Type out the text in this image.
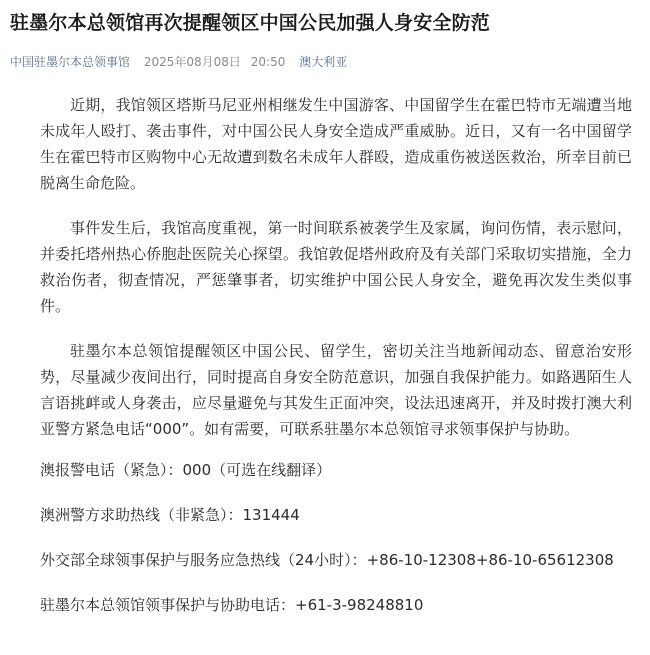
驻墨尔本总领馆再次提醒领区中国公民加强人身安全防范
中国驻墨尔本总领事馆 2025年08月08日 20:50 澳大利亚

近期，我馆领区塔斯马尼亚州相继发生中国游客、中国留学生在霍巴特市无端遭当地未成年人殴打、袭击事件，对中国公民人身安全造成严重威胁。近日，又有一名中国留学生在霍巴特市区购物中心无故遭到数名未成年人群殴，造成重伤被送医救治，所幸目前已脱离生命危险。

事件发生后，我馆高度重视，第一时间联系被袭学生及家属，询问伤情，表示慰问，并委托塔州热心侨胞赴医院关心探望。我馆敦促塔州政府及有关部门采取切实措施，全力救治伤者，彻查情况，严惩肇事者，切实维护中国公民人身安全，避免再次发生类似事件。

驻墨尔本总领馆提醒领区中国公民、留学生，密切关注当地新闻动态、留意治安形势，尽量减少夜间出行，同时提高自身安全防范意识，加强自我保护能力。如路遇陌生人言语挑衅或人身袭击，应尽量避免与其发生正面冲突，设法迅速离开，并及时拨打澳大利亚警方紧急电话“000”。如有需要，可联系驻墨尔本总领馆寻求领事保护与协助。

澳报警电话（紧急）：000（可选在线翻译）

澳洲警方求助热线（非紧急）：131444

外交部全球领事保护与服务应急热线（24小时）：+86-10-12308+86-10-65612308

驻墨尔本总领馆领事保护与协助电话：+61-3-98248810
